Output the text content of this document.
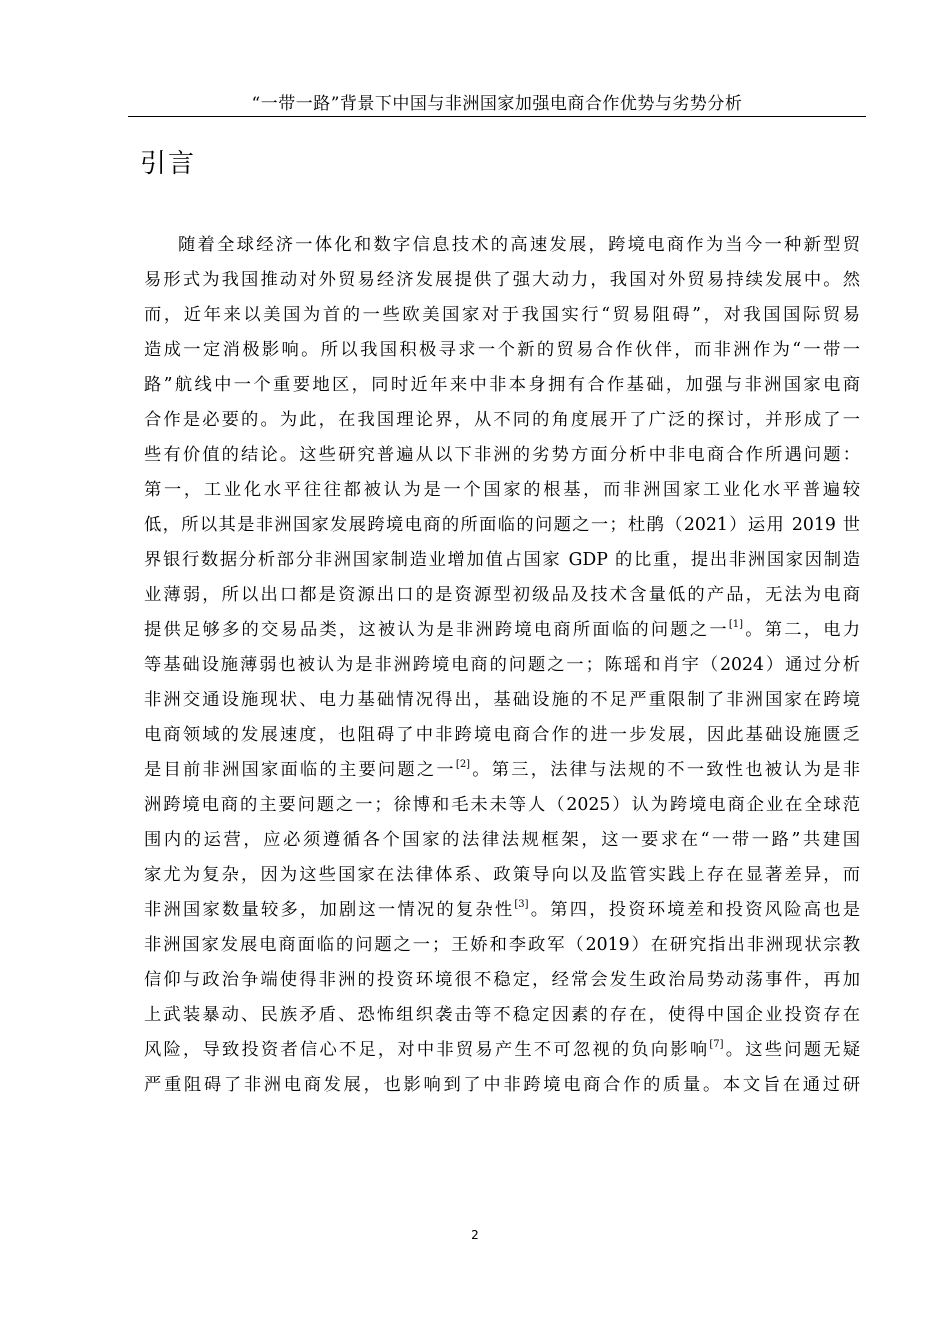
“一带一路”背景下中国与非洲国家加强电商合作优势与劣势分析
引言
随着全球经济一体化和数字信息技术的高速发展，跨境电商作为当今一种新型贸
易形式为我国推动对外贸易经济发展提供了强大动力，我国对外贸易持续发展中。然
而，近年来以美国为首的一些欧美国家对于我国实行“贸易阻碍”，对我国国际贸易
造成一定消极影响。所以我国积极寻求一个新的贸易合作伙伴，而非洲作为“一带一
路”航线中一个重要地区，同时近年来中非本身拥有合作基础，加强与非洲国家电商
合作是必要的。为此，在我国理论界，从不同的角度展开了广泛的探讨，并形成了一
些有价值的结论。这些研究普遍从以下非洲的劣势方面分析中非电商合作所遇问题：
第一，工业化水平往往都被认为是一个国家的根基，而非洲国家工业化水平普遍较
低，所以其是非洲国家发展跨境电商的所面临的问题之一；杜鹃（2021）运用 2019 世
界银行数据分析部分非洲国家制造业增加值占国家 GDP 的比重，提出非洲国家因制造
业薄弱，所以出口都是资源出口的是资源型初级品及技术含量低的产品，无法为电商
提供足够多的交易品类，这被认为是非洲跨境电商所面临的问题之一[1]。第二，电力
等基础设施薄弱也被认为是非洲跨境电商的问题之一；陈瑶和肖宇（2024）通过分析
非洲交通设施现状、电力基础情况得出，基础设施的不足严重限制了非洲国家在跨境
电商领域的发展速度，也阻碍了中非跨境电商合作的进一步发展，因此基础设施匮乏
是目前非洲国家面临的主要问题之一[2]。第三，法律与法规的不一致性也被认为是非
洲跨境电商的主要问题之一；徐博和毛未未等人（2025）认为跨境电商企业在全球范
围内的运营，应必须遵循各个国家的法律法规框架，这一要求在“一带一路”共建国
家尤为复杂，因为这些国家在法律体系、政策导向以及监管实践上存在显著差异，而
非洲国家数量较多，加剧这一情况的复杂性[3]。第四，投资环境差和投资风险高也是
非洲国家发展电商面临的问题之一；王娇和李政军（2019）在研究指出非洲现状宗教
信仰与政治争端使得非洲的投资环境很不稳定，经常会发生政治局势动荡事件，再加
上武装暴动、民族矛盾、恐怖组织袭击等不稳定因素的存在，使得中国企业投资存在
风险，导致投资者信心不足，对中非贸易产生不可忽视的负向影响[7]。这些问题无疑
严重阻碍了非洲电商发展，也影响到了中非跨境电商合作的质量。本文旨在通过研
2
